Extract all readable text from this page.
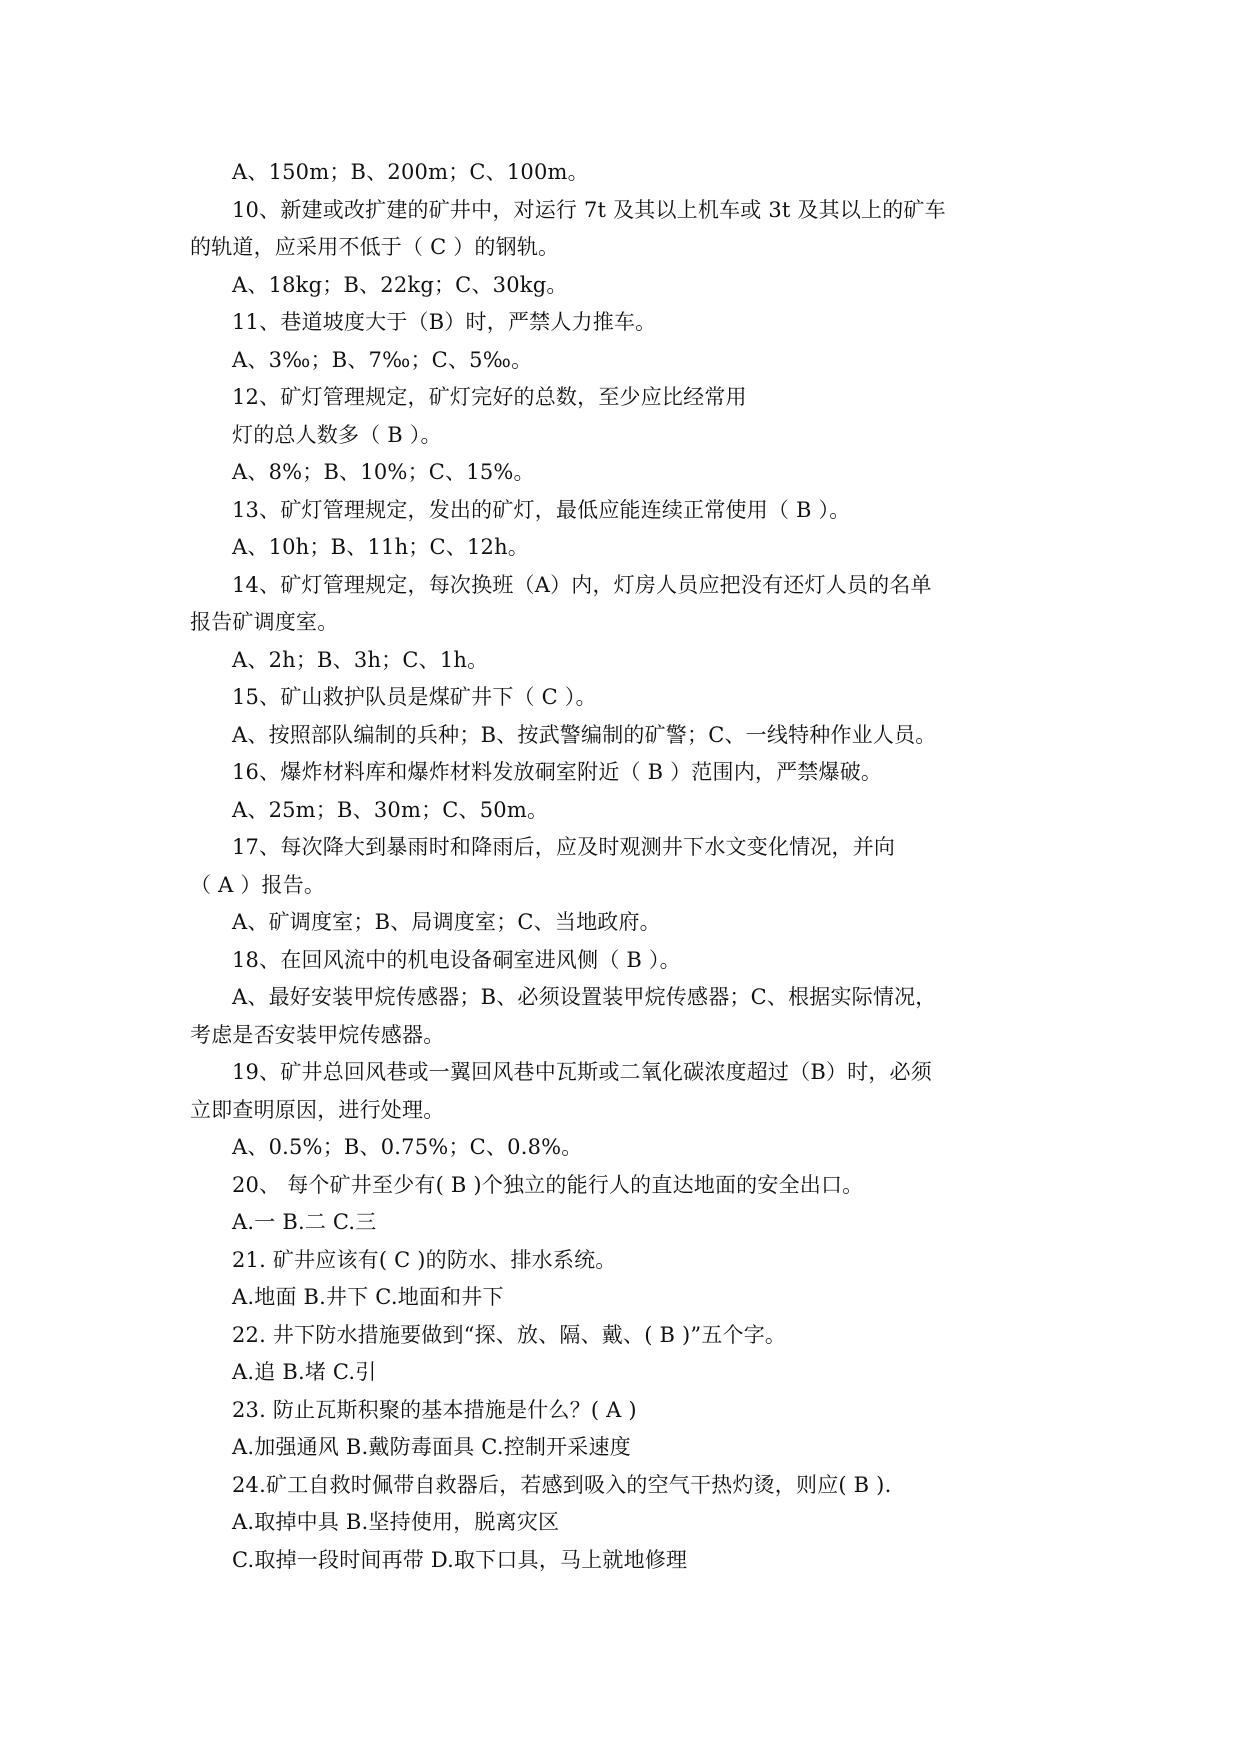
A、150m；B、200m；C、100m。
10、新建或改扩建的矿井中，对运行 7t 及其以上机车或 3t 及其以上的矿车
的轨道，应采用不低于（ C ）的钢轨。
A、18kg；B、22kg；C、30kg。
11、巷道坡度大于（B）时，严禁人力推车。
A、3‰；B、7‰；C、5‰。
12、矿灯管理规定，矿灯完好的总数，至少应比经常用
灯的总人数多（ B ）。
A、8%；B、10%；C、15%。
13、矿灯管理规定，发出的矿灯，最低应能连续正常使用（ B ）。
A、10h；B、11h；C、12h。
14、矿灯管理规定，每次换班（A）内，灯房人员应把没有还灯人员的名单
报告矿调度室。
A、2h；B、3h；C、1h。
15、矿山救护队员是煤矿井下（ C ）。
A、按照部队编制的兵种；B、按武警编制的矿警；C、一线特种作业人员。
16、爆炸材料库和爆炸材料发放硐室附近（ B ）范围内，严禁爆破。
A、25m；B、30m；C、50m。
17、每次降大到暴雨时和降雨后，应及时观测井下水文变化情况，并向
（ A ）报告。
A、矿调度室；B、局调度室；C、当地政府。
18、在回风流中的机电设备硐室进风侧（ B ）。
A、最好安装甲烷传感器；B、必须设置装甲烷传感器；C、根据实际情况，
考虑是否安装甲烷传感器。
19、矿井总回风巷或一翼回风巷中瓦斯或二氧化碳浓度超过（B）时，必须
立即查明原因，进行处理。
A、0.5%；B、0.75%；C、0.8%。
20、 每个矿井至少有( B )个独立的能行人的直达地面的安全出口。
A.一 B.二 C.三
21. 矿井应该有( C )的防水、排水系统。
A.地面 B.井下 C.地面和井下
22. 井下防水措施要做到“探、放、隔、戴、( B )”五个字。
A.追 B.堵 C.引
23. 防止瓦斯积聚的基本措施是什么？( A )
A.加强通风 B.戴防毒面具 C.控制开采速度
24.矿工自救时佩带自救器后，若感到吸入的空气干热灼烫，则应( B ).
A.取掉中具 B.坚持使用，脱离灾区
C.取掉一段时间再带 D.取下口具，马上就地修理
